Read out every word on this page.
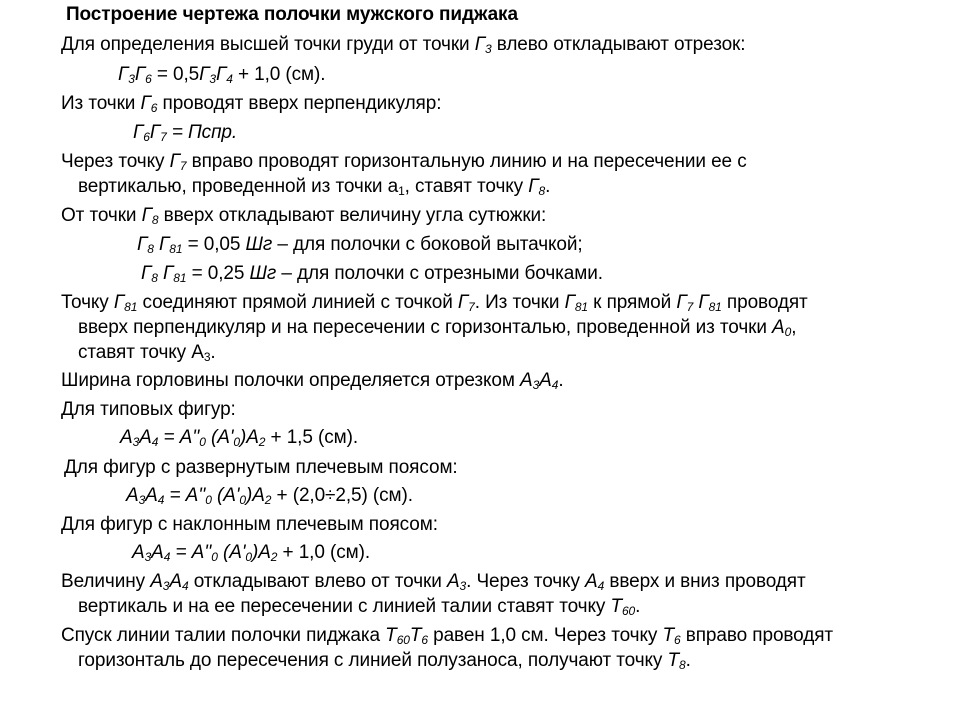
Построение чертежа полочки мужского пиджака
Для определения высшей точки груди от точки $Г_3$ влево откладывают отрезок:
$Г_3Г_6 = 0,5Г_3Г_4 + 1,0$ (см).
Из точки $Г_6$ проводят вверх перпендикуляр:
$Г_6Г_7$ = Пспр.
Через точку $Г_7$ вправо проводят горизонтальную линию и на пересечении ее с
вертикалью, проведенной из точки $а_1$, ставят точку $Г_8$.
От точки $Г_8$ вверх откладывают величину угла сутюжки:
$Г_8$ $Г_{81} = 0,05$ Шг – для полочки с боковой вытачкой;
$Г_8$ $Г_{81} = 0,25$ Шг – для полочки с отрезными бочками.
Точку $Г_{81}$ соединяют прямой линией с точкой $Г_7$. Из точки $Г_{81}$ к прямой $Г_7$ $Г_{81}$ проводят
вверх перпендикуляр и на пересечении с горизонталью, проведенной из точки $А_0$,
ставят точку $А_3$.
Ширина горловины полочки определяется отрезком $А_3А_4$.
Для типовых фигур:
$А_3А_4 = А''_0$ $(А'_0)А_2 + 1,5$ (см).
Для фигур с развернутым плечевым поясом:
$А_3А_4 = А''_0$ $(А'_0)А_2 + (2,0\div 2,5)$ (см).
Для фигур с наклонным плечевым поясом:
$А_3А_4 = А''_0$ $(А'_0)А_2 + 1,0$ (см).
Величину $А_3А_4$ откладывают влево от точки $А_3$. Через точку $А_4$ вверх и вниз проводят
вертикаль и на ее пересечении с линией талии ставят точку $Т_{60}$.
Спуск линии талии полочки пиджака $Т_{60}Т_6$ равен 1,0 см. Через точку $Т_6$ вправо проводят
горизонталь до пересечения с линией полузаноса, получают точку $Т_8$.
